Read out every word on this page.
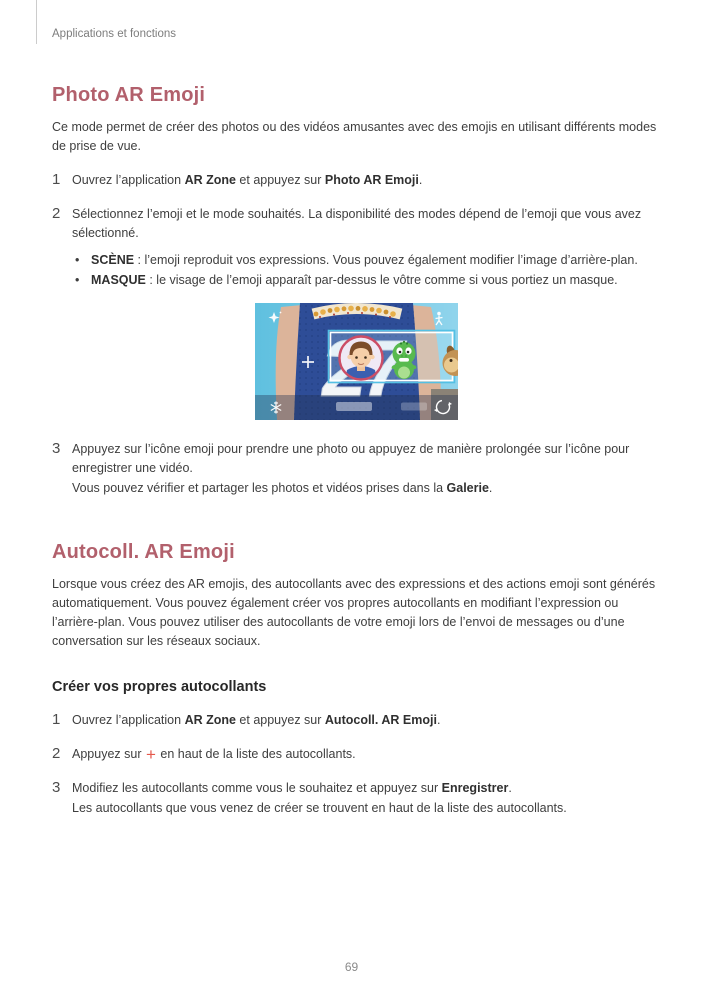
Applications et fonctions
Photo AR Emoji

Ce mode permet de créer des photos ou des vidéos amusantes avec des emojis en utilisant différents modes de prise de vue.

1 Ouvrez l’application AR Zone et appuyez sur Photo AR Emoji.

2 Sélectionnez l’emoji et le mode souhaités. La disponibilité des modes dépend de l’emoji que vous avez sélectionné.

• SCÈNE : l’emoji reproduit vos expressions. Vous pouvez également modifier l’image d’arrière-plan.
• MASQUE : le visage de l’emoji apparaît par-dessus le vôtre comme si vous portiez un masque.
3 Appuyez sur l’icône emoji pour prendre une photo ou appuyez de manière prolongée sur l’icône pour enregistrer une vidéo.

Vous pouvez vérifier et partager les photos et vidéos prises dans la Galerie.

Autocoll. AR Emoji

Lorsque vous créez des AR emojis, des autocollants avec des expressions et des actions emoji sont générés automatiquement. Vous pouvez également créer vos propres autocollants en modifiant l’expression ou l’arrière-plan. Vous pouvez utiliser des autocollants de votre emoji lors de l’envoi de messages ou d’une conversation sur les réseaux sociaux.

Créer vos propres autocollants
1 Ouvrez l’application AR Zone et appuyez sur Autocoll. AR Emoji.

2 Appuyez sur + en haut de la liste des autocollants.

3 Modifiez les autocollants comme vous le souhaitez et appuyez sur Enregistrer.

Les autocollants que vous venez de créer se trouvent en haut de la liste des autocollants.

69
